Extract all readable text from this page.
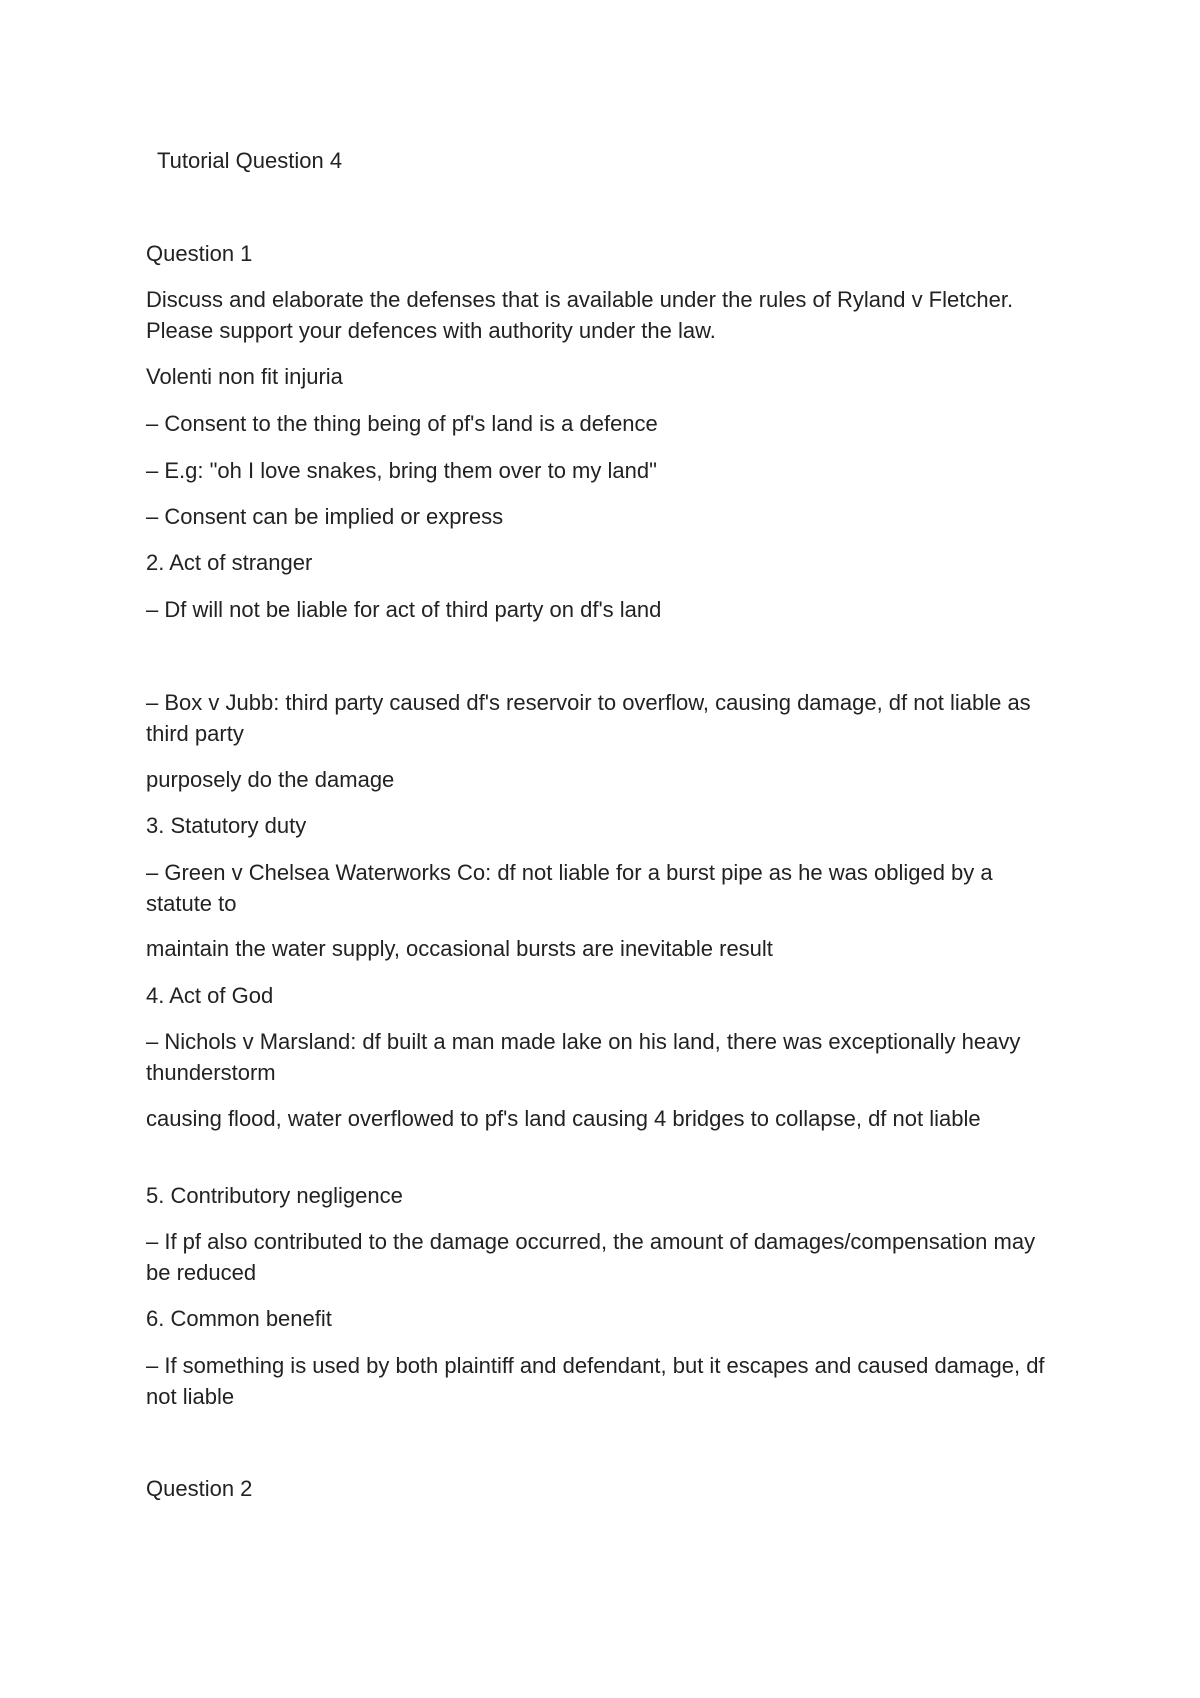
Tutorial Question 4

Question 1

Discuss and elaborate the defenses that is available under the rules of Ryland v Fletcher. Please support your defences with authority under the law.

Volenti non fit injuria

– Consent to the thing being of pf's land is a defence

– E.g: "oh I love snakes, bring them over to my land"

– Consent can be implied or express

2. Act of stranger

– Df will not be liable for act of third party on df's land

– Box v Jubb: third party caused df's reservoir to overflow, causing damage, df not liable as third party

purposely do the damage

3. Statutory duty

– Green v Chelsea Waterworks Co: df not liable for a burst pipe as he was obliged by a statute to

maintain the water supply, occasional bursts are inevitable result

4. Act of God

– Nichols v Marsland: df built a man made lake on his land, there was exceptionally heavy thunderstorm

causing flood, water overflowed to pf's land causing 4 bridges to collapse, df not liable

5. Contributory negligence

– If pf also contributed to the damage occurred, the amount of damages/compensation may be reduced

6. Common benefit

– If something is used by both plaintiff and defendant, but it escapes and caused damage, df not liable

Question 2
